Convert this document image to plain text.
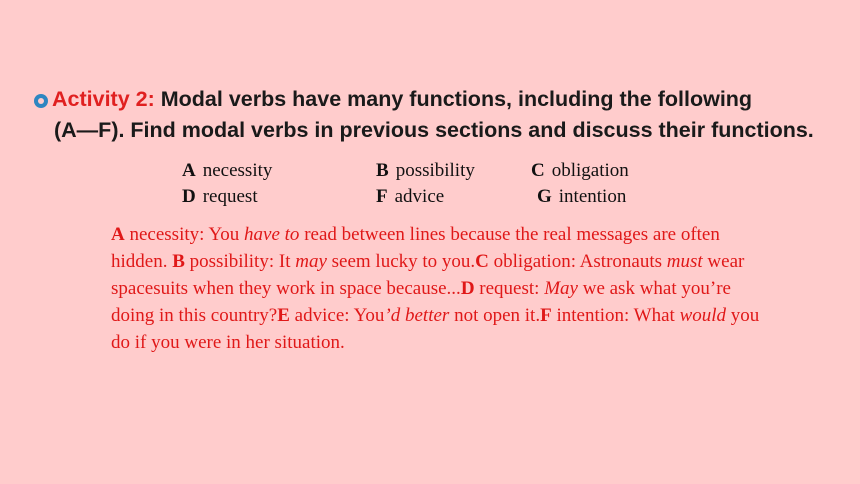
Activity 2: Modal verbs have many functions, including the following
(A—F). Find modal verbs in previous sections and discuss their functions.
A necessity	B possibility	C obligation
D request	F advice	G intention
A necessity: You have to read between lines because the real messages are often hidden. B possibility: It may seem lucky to you.C obligation: Astronauts must wear spacesuits when they work in space because...D request: May we ask what you’re doing in this country?E advice: You’d better not open it.F intention: What would you do if you were in her situation.
